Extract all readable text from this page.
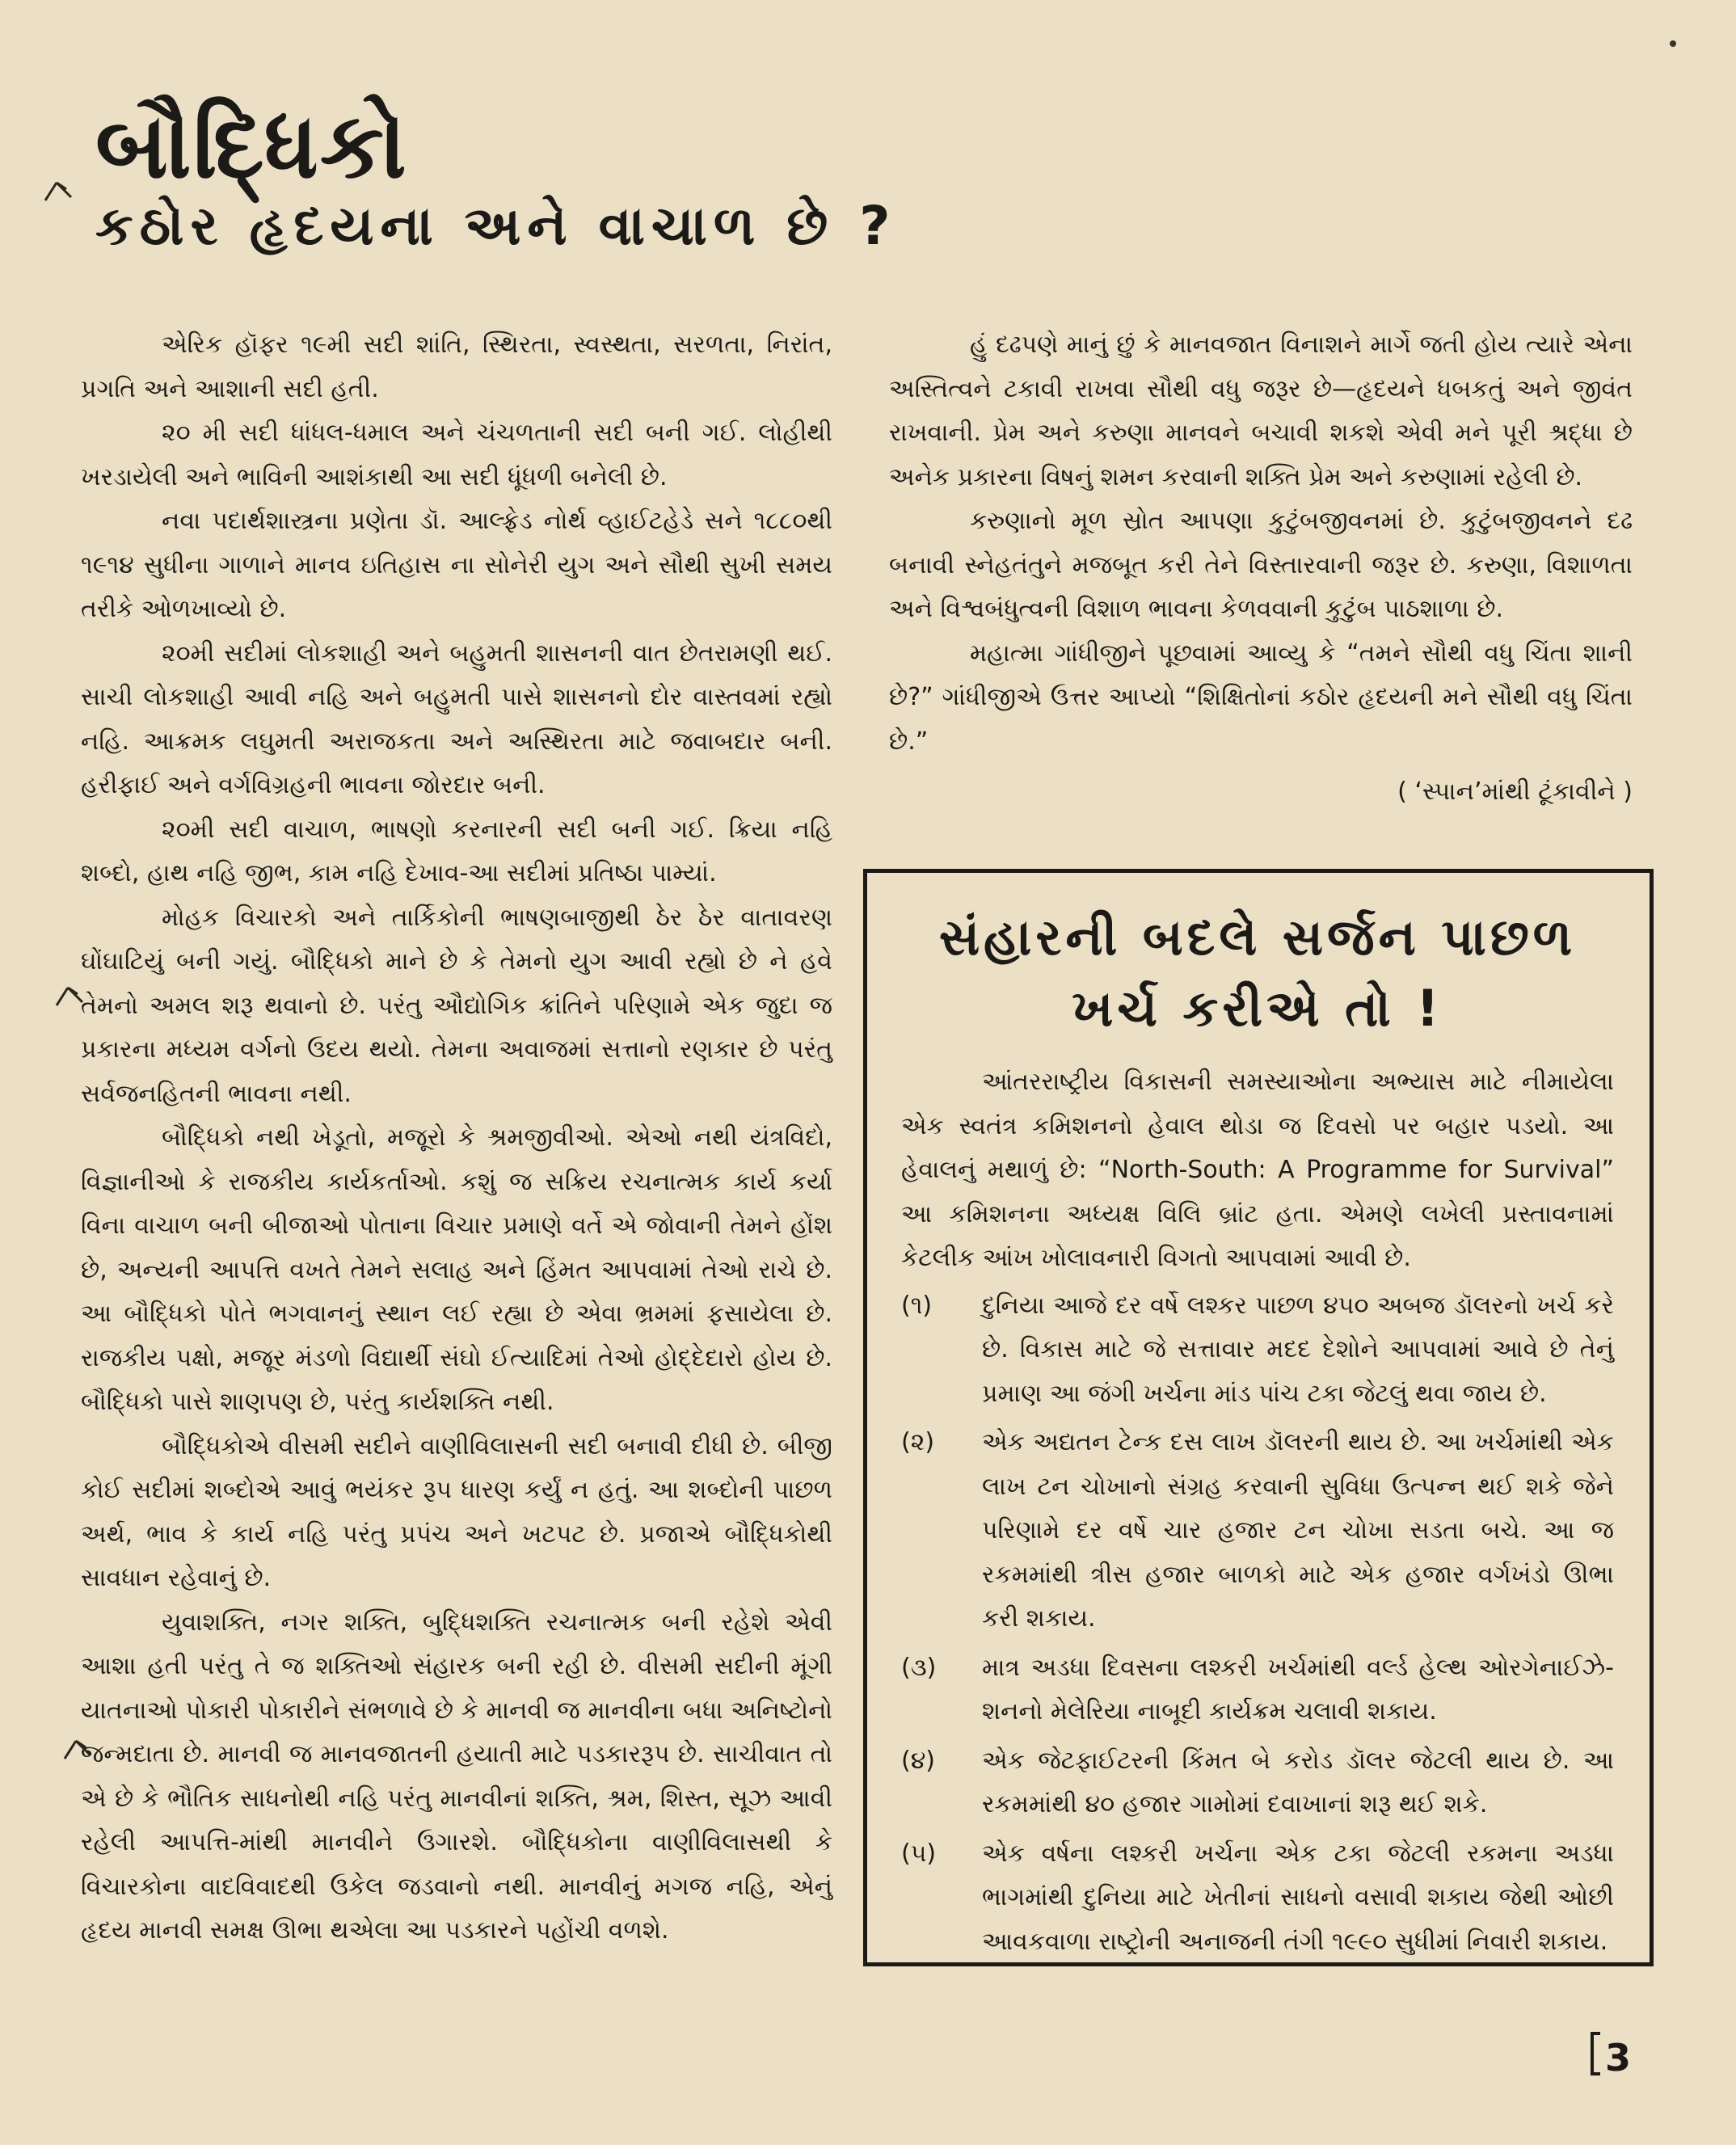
બૌદ્ધિકો
કઠોર હૃદયના અને વાચાળ છે ?

એરિક હૉફર ૧૯મી સદી શાંતિ, સ્થિરતા, સ્વસ્થતા, સરળતા, નિરાંત, પ્રગતિ અને આશાની સદી હતી.

૨૦ મી સદી ધાંધલ-ધમાલ અને ચંચળતાની સદી બની ગઈ. લોહીથી ખરડાયેલી અને ભાવિની આશંકાથી આ સદી ધૂંધળી બનેલી છે.

નવા પદાર્થશાસ્ત્રના પ્રણેતા ડૉ. આલ્ફ્રેડ નોર્થ વ્હાઈટહેડે સને ૧૮૮૦થી ૧૯૧૪ સુધીના ગાળાને માનવ ઇતિહાસ ના સોનેરી યુગ અને સૌથી સુખી સમય તરીકે ઓળખાવ્યો છે.

૨૦મી સદીમાં લોકશાહી અને બહુમતી શાસનની વાત છેતરામણી થઈ. સાચી લોકશાહી આવી નહિ અને બહુમતી પાસે શાસનનો દોર વાસ્તવમાં રહ્યો નહિ. આક્રમક લઘુમતી અરાજકતા અને અસ્થિરતા માટે જવાબદાર બની. હરીફાઈ અને વર્ગવિગ્રહની ભાવના જોરદાર બની.

૨૦મી સદી વાચાળ, ભાષણો કરનારની સદી બની ગઈ. ક્રિયા નહિ શબ્દો, હાથ નહિ જીભ, કામ નહિ દેખાવ-આ સદીમાં પ્રતિષ્ઠા પામ્યાં.

મોહક વિચારકો અને તાર્કિકોની ભાષણબાજીથી ઠેર ઠેર વાતાવરણ ઘોંઘાટિયું બની ગયું. બૌદ્ધિકો માને છે કે તેમનો યુગ આવી રહ્યો છે ને હવે તેમનો અમલ શરૂ થવાનો છે. પરંતુ ઔદ્યોગિક ક્રાંતિને પરિણામે એક જુદા જ પ્રકારના મધ્યમ વર્ગનો ઉદય થયો. તેમના અવાજમાં સત્તાનો રણકાર છે પરંતુ સર્વજનહિતની ભાવના નથી.

બૌદ્ધિકો નથી ખેડૂતો, મજૂરો કે શ્રમજીવીઓ. એઓ નથી યંત્રવિદો, વિજ્ઞાનીઓ કે રાજકીય કાર્યકર્તાઓ. કશું જ સક્રિય રચનાત્મક કાર્ય કર્યા વિના વાચાળ બની બીજાઓ પોતાના વિચાર પ્રમાણે વર્તે એ જોવાની તેમને હોંશ છે, અન્યની આપત્તિ વખતે તેમને સલાહ અને હિંમત આપવામાં તેઓ રાચે છે. આ બૌદ્ધિકો પોતે ભગવાનનું સ્થાન લઈ રહ્યા છે એવા ભ્રમમાં ફસાયેલા છે. રાજકીય પક્ષો, મજૂર મંડળો વિદ્યાર્થી સંઘો ઈત્યાદિમાં તેઓ હોદ્દેદારો હોય છે. બૌદ્ધિકો પાસે શાણપણ છે, પરંતુ કાર્યશક્તિ નથી.

બૌદ્ધિકોએ વીસમી સદીને વાણીવિલાસની સદી બનાવી દીધી છે. બીજી કોઈ સદીમાં શબ્દોએ આવું ભયંકર રૂપ ધારણ કર્યું ન હતું. આ શબ્દોની પાછળ અર્થ, ભાવ કે કાર્ય નહિ પરંતુ પ્રપંચ અને ખટપટ છે. પ્રજાએ બૌદ્ધિકોથી સાવધાન રહેવાનું છે.

યુવાશક્તિ, નગર શક્તિ, બુદ્ધિશક્તિ રચનાત્મક બની રહેશે એવી આશા હતી પરંતુ તે જ શક્તિઓ સંહારક બની રહી છે. વીસમી સદીની મૂંગી યાતનાઓ પોકારી પોકારીને સંભળાવે છે કે માનવી જ માનવીના બધા અનિષ્ટોનો જન્મદાતા છે. માનવી જ માનવજાતની હયાતી માટે પડકારરૂપ છે. સાચીવાત તો એ છે કે ભૌતિક સાધનોથી નહિ પરંતુ માનવીનાં શક્તિ, શ્રમ, શિસ્ત, સૂઝ આવી રહેલી આપત્તિ-માંથી માનવીને ઉગારશે. બૌદ્ધિકોના વાણીવિલાસથી કે વિચારકોના વાદવિવાદથી ઉકેલ જડવાનો નથી. માનવીનું મગજ નહિ, એનું હૃદય માનવી સમક્ષ ઊભા થએલા આ પડકારને પહોંચી વળશે.

હું દઢપણે માનું છું કે માનવજાત વિનાશને માર્ગે જતી હોય ત્યારે એના અસ્તિત્વને ટકાવી રાખવા સૌથી વધુ જરૂર છે—હૃદયને ધબકતું અને જીવંત રાખવાની. પ્રેમ અને કરુણા માનવને બચાવી શકશે એવી મને પૂરી શ્રદ્ધા છે અનેક પ્રકારના વિષનું શમન કરવાની શક્તિ પ્રેમ અને કરુણામાં રહેલી છે.

કરુણાનો મૂળ સ્રોત આપણા કુટુંબજીવનમાં છે. કુટુંબજીવનને દઢ બનાવી સ્નેહતંતુને મજબૂત કરી તેને વિસ્તારવાની જરૂર છે. કરુણા, વિશાળતા અને વિશ્વબંધુત્વની વિશાળ ભાવના કેળવવાની કુટુંબ પાઠશાળા છે.

મહાત્મા ગાંધીજીને પૂછવામાં આવ્યુ કે “તમને સૌથી વધુ ચિંતા શાની છે?” ગાંધીજીએ ઉત્તર આપ્યો “શિક્ષિતોનાં કઠોર હૃદયની મને સૌથી વધુ ચિંતા છે.”

( ‘સ્પાન’માંથી ટૂંકાવીને )
સંહારની બદલે સર્જન પાછળ ખર્ચ કરીએ તો !

આંતરરાષ્ટ્રીય વિકાસની સમસ્યાઓના અભ્યાસ માટે નીમાયેલા એક સ્વતંત્ર કમિશનનો હેવાલ થોડા જ દિવસો પર બહાર પડયો. આ હેવાલનું મથાળું છે: “North-South: A Programme for Survival” આ કમિશનના અધ્યક્ષ વિલિ બ્રાંટ હતા. એમણે લખેલી પ્રસ્તાવનામાં કેટલીક આંખ ખોલાવનારી વિગતો આપવામાં આવી છે.

(૧)	દુનિયા આજે દર વર્ષે લશ્કર પાછળ ૪૫૦ અબજ ડૉલરનો ખર્ચ કરે છે. વિકાસ માટે જે સત્તાવાર મદદ દેશોને આપવામાં આવે છે તેનું પ્રમાણ આ જંગી ખર્ચના માંડ પાંચ ટકા જેટલું થવા જાય છે.
(૨)	એક અદ્યતન ટેન્ક દસ લાખ ડૉલરની થાય છે. આ ખર્ચમાંથી એક લાખ ટન ચોખાનો સંગ્રહ કરવાની સુવિધા ઉત્પન્ન થઈ શકે જેને પરિણામે દર વર્ષે ચાર હજાર ટન ચોખા સડતા બચે. આ જ રકમમાંથી ત્રીસ હજાર બાળકો માટે એક હજાર વર્ગખંડો ઊભા કરી શકાય.
(૩)	માત્ર અડધા દિવસના લશ્કરી ખર્ચમાંથી વર્લ્ડ હેલ્થ ઓરગેનાઈઝે-શનનો મેલેરિયા નાબૂદી કાર્યક્રમ ચલાવી શકાય.
(૪)	એક જેટફાઈટરની કિંમત બે કરોડ ડૉલર જેટલી થાય છે. આ રકમમાંથી ૪૦ હજાર ગામોમાં દવાખાનાં શરૂ થઈ શકે.
(૫)	એક વર્ષના લશ્કરી ખર્ચના એક ટકા જેટલી રકમના અડધા ભાગમાંથી દુનિયા માટે ખેતીનાં સાધનો વસાવી શકાય જેથી ઓછી આવકવાળા રાષ્ટ્રોની અનાજની તંગી ૧૯૯૦ સુધીમાં નિવારી શકાય.
3
